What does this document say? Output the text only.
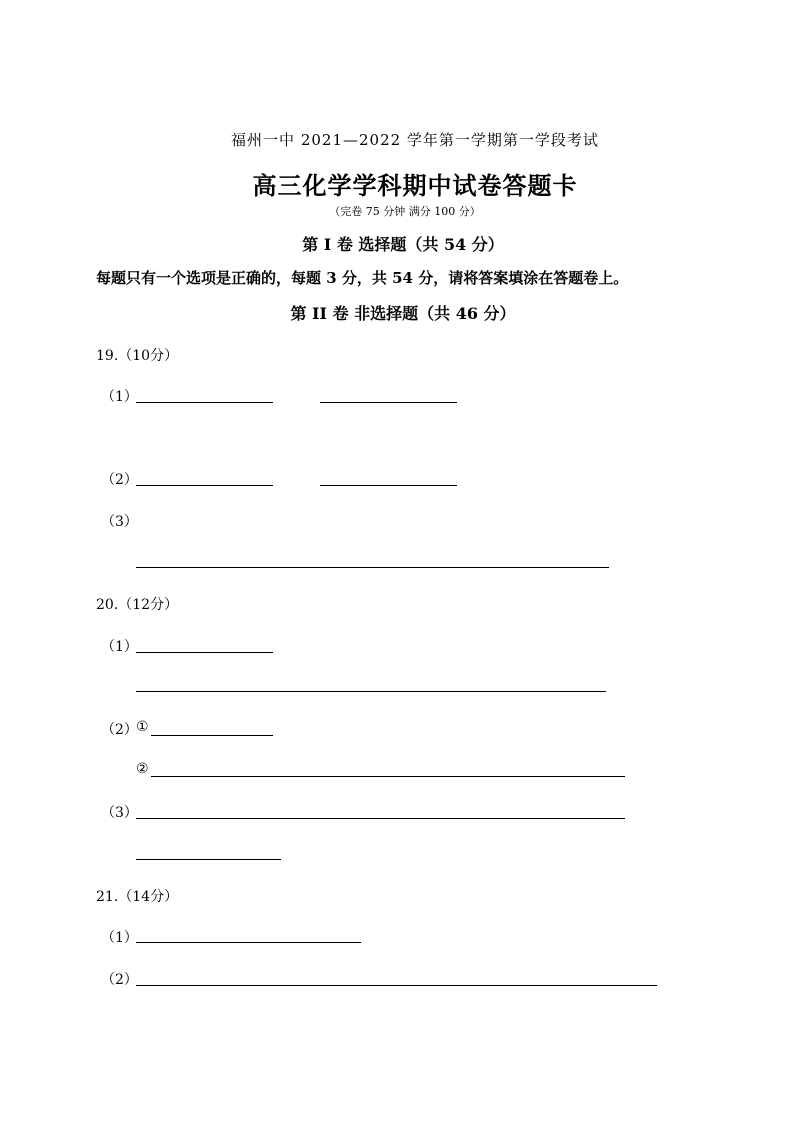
福州一中 2021—2022 学年第一学期第一学段考试
高三化学学科期中试卷答题卡
（完卷 75 分钟 满分 100 分）
第 I 卷 选择题（共 54 分）
每题只有一个选项是正确的，每题 3 分，共 54 分，请将答案填涂在答题卷上。
第 II 卷 非选择题（共 46 分）
19.（10分）
（1）
（2）
（3）
20.（12分）
（1）
（2）
①
②
（3）
21.（14分）
（1）
（2）
